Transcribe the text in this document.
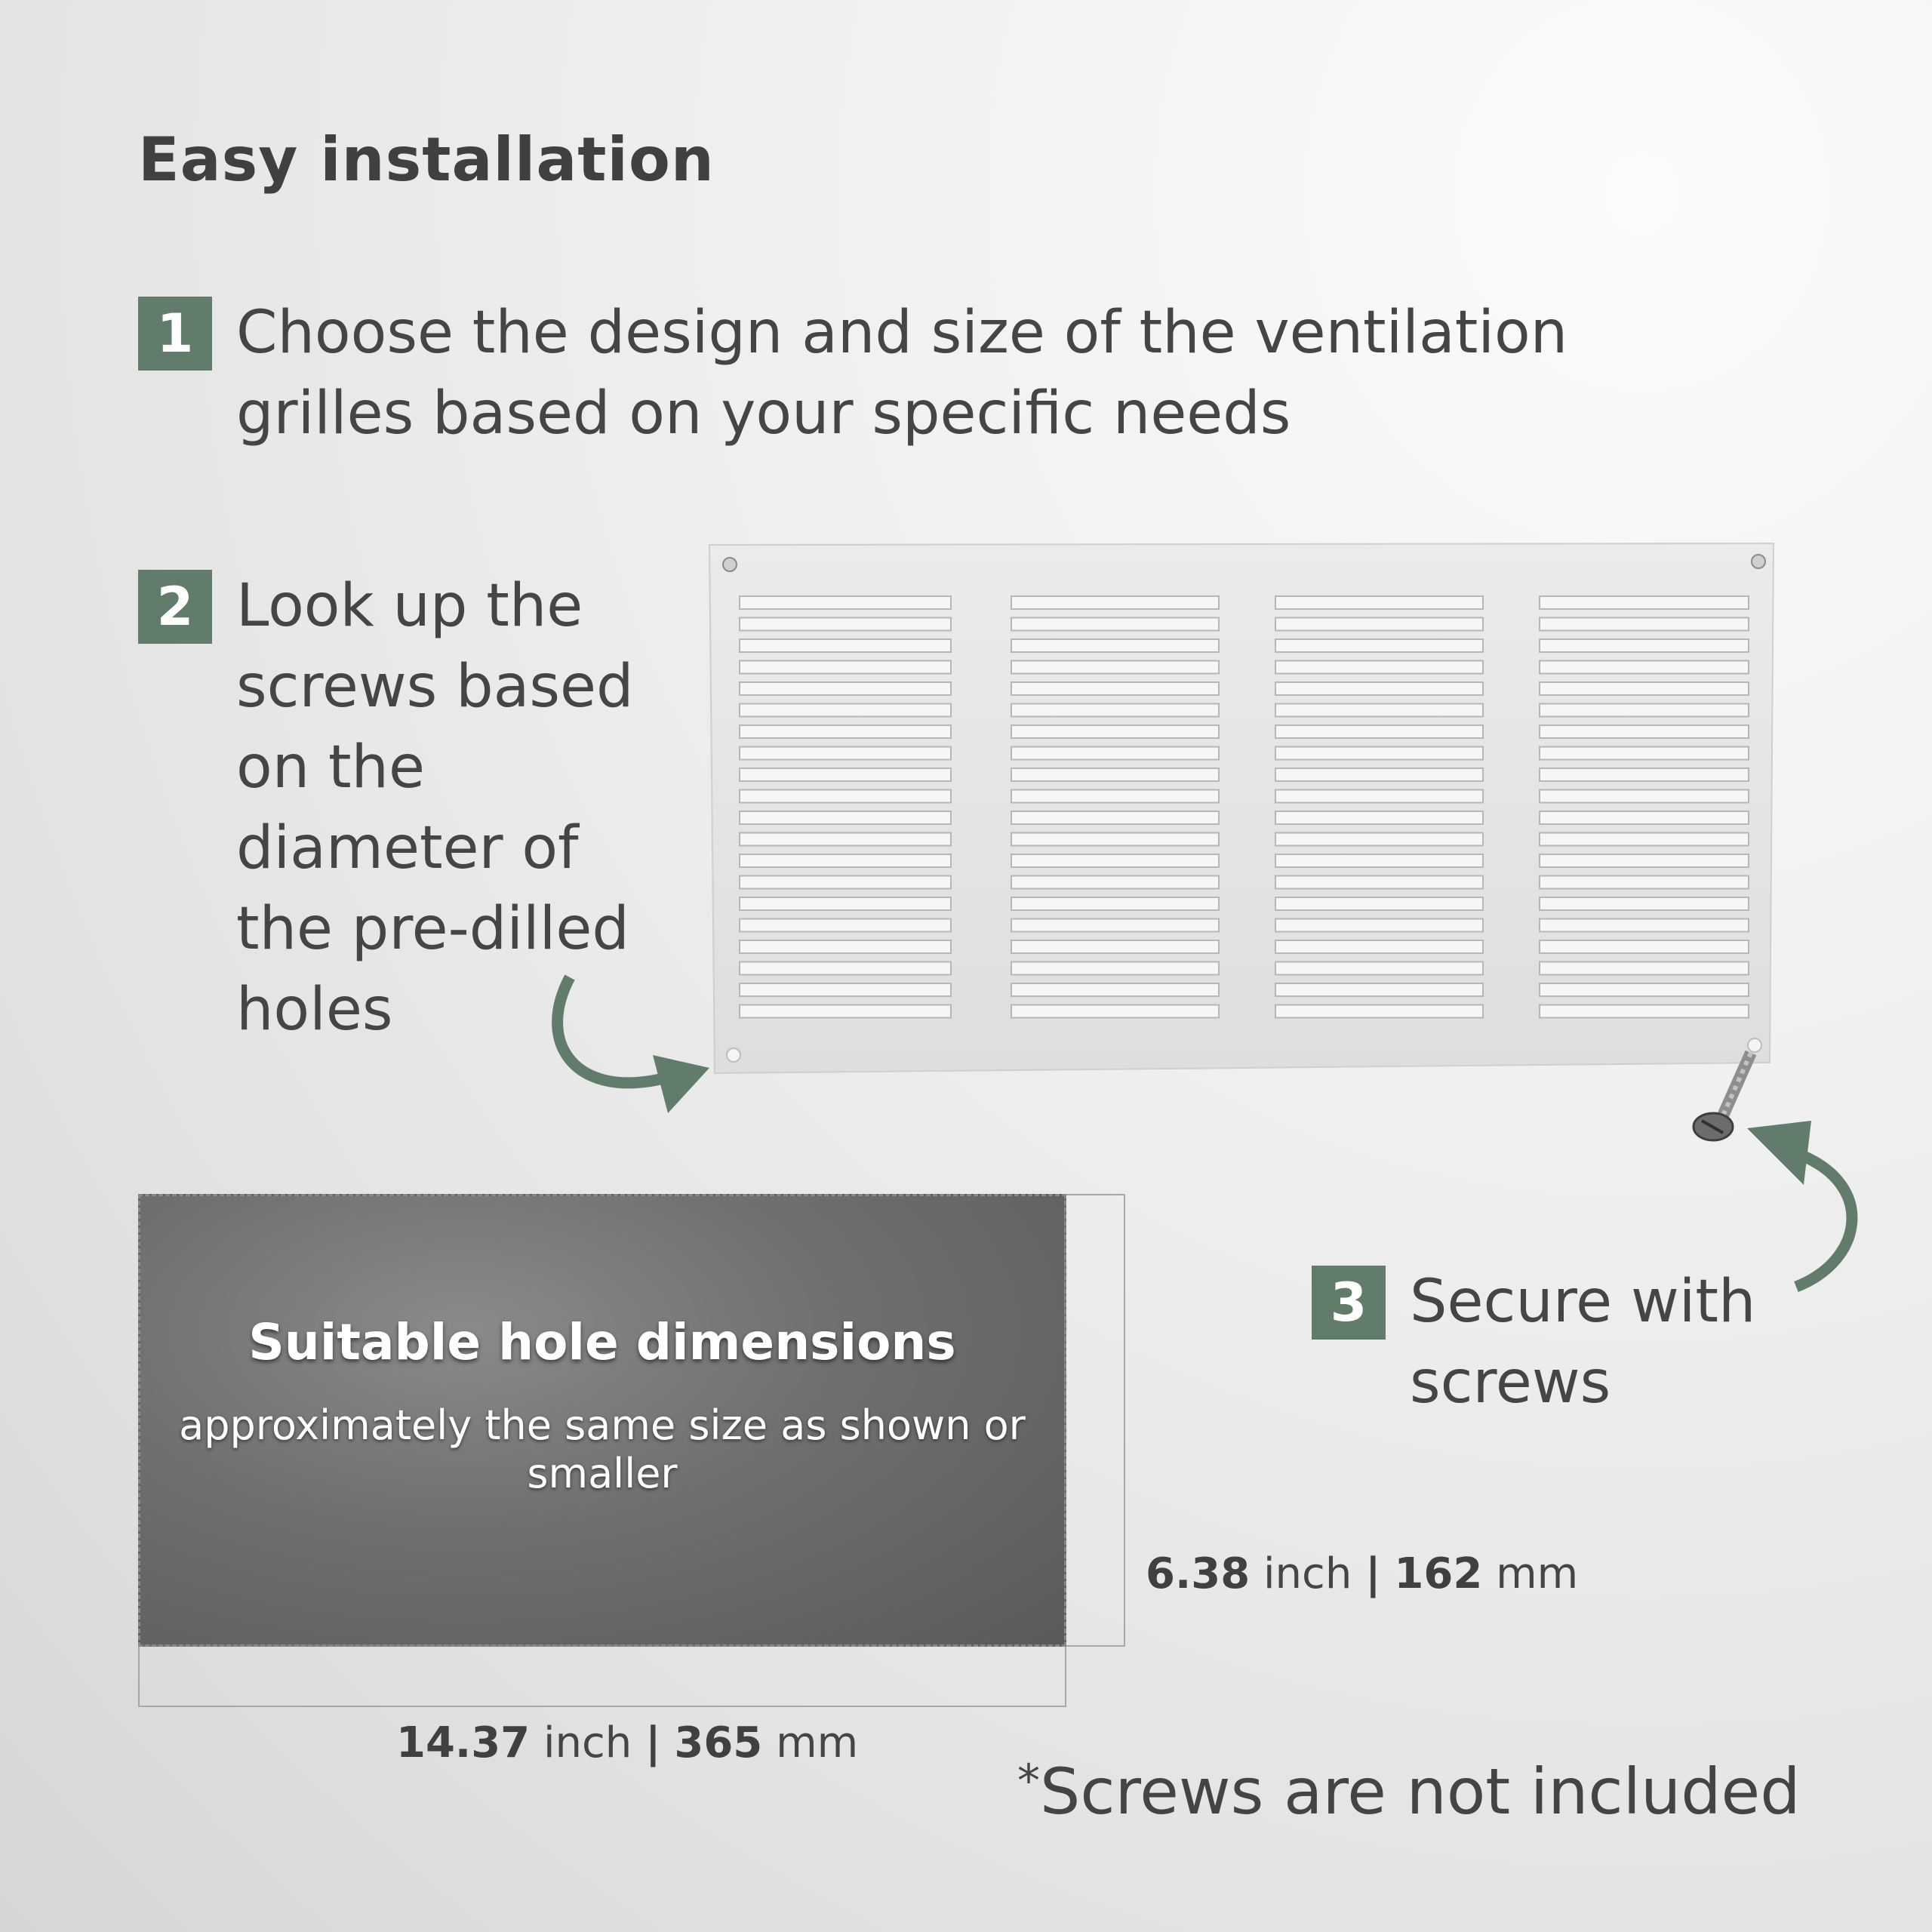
Easy installation
1 Choose the design and size of the ventilation
grilles based on your specific needs
2 Look up the
screws based
on the
diameter of
the pre-dilled
holes
3 Secure with
screws
Suitable hole dimensions
approximately the same size as shown or smaller
6.38 inch | 162 mm
14.37 inch | 365 mm
*Screws are not included
